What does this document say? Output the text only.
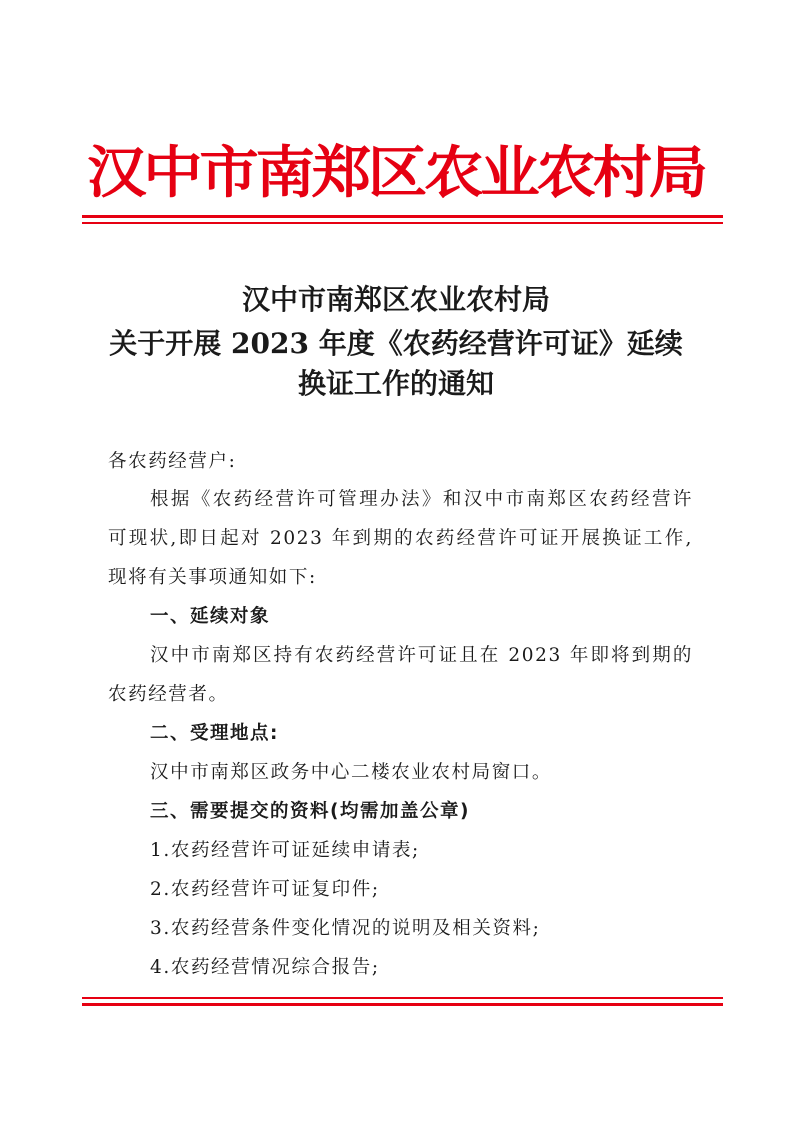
汉中市南郑区农业农村局
汉中市南郑区农业农村局
关于开展 2023 年度《农药经营许可证》延续
换证工作的通知
各农药经营户:
根据《农药经营许可管理办法》和汉中市南郑区农药经营许
可现状,即日起对 2023 年到期的农药经营许可证开展换证工作,
现将有关事项通知如下:
一、延续对象
汉中市南郑区持有农药经营许可证且在 2023 年即将到期的
农药经营者。
二、受理地点:
汉中市南郑区政务中心二楼农业农村局窗口。
三、需要提交的资料(均需加盖公章)
1.农药经营许可证延续申请表;
2.农药经营许可证复印件;
3.农药经营条件变化情况的说明及相关资料;
4.农药经营情况综合报告;
